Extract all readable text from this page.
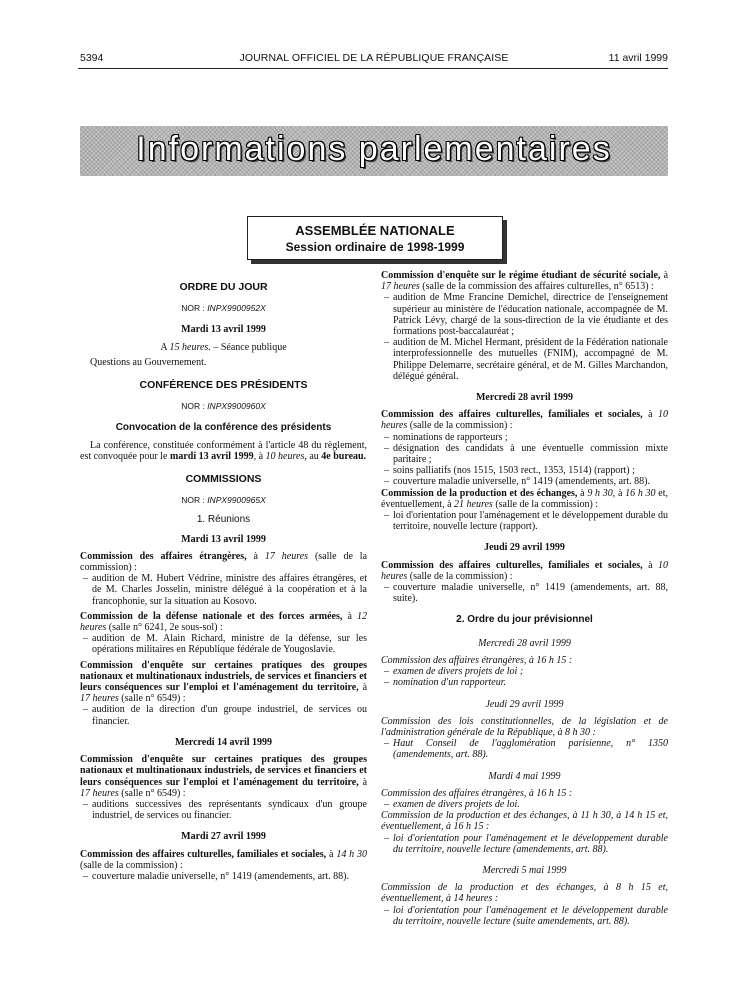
5394	JOURNAL OFFICIEL DE LA RÉPUBLIQUE FRANÇAISE	11 avril 1999
Informations parlementaires
ASSEMBLÉE NATIONALE
Session ordinaire de 1998-1999

ORDRE DU JOUR

NOR : INPX9900952X

Mardi 13 avril 1999

A 15 heures. – Séance publique

Questions au Gouvernement.

CONFÉRENCE DES PRÉSIDENTS

NOR : INPX9900960X

Convocation de la conférence des présidents

La conférence, constituée conformément à l'article 48 du règlement, est convoquée pour le mardi 13 avril 1999, à 10 heures, au 4e bureau.

COMMISSIONS

NOR : INPX9900965X

1. Réunions

Mardi 13 avril 1999

Commission des affaires étrangères, à 17 heures (salle de la commission) :

– audition de M. Hubert Védrine, ministre des affaires étrangères, et de M. Charles Josselin, ministre délégué à la coopération et à la francophonie, sur la situation au Kosovo.

Commission de la défense nationale et des forces armées, à 12 heures (salle n° 6241, 2e sous-sol) :

– audition de M. Alain Richard, ministre de la défense, sur les opérations militaires en République fédérale de Yougoslavie.

Commission d'enquête sur certaines pratiques des groupes nationaux et multinationaux industriels, de services et financiers et leurs conséquences sur l'emploi et l'aménagement du territoire, à 17 heures (salle n° 6549) :

– audition de la direction d'un groupe industriel, de services ou financier.

Mercredi 14 avril 1999

Commission d'enquête sur certaines pratiques des groupes nationaux et multinationaux industriels, de services et financiers et leurs conséquences sur l'emploi et l'aménagement du territoire, à 17 heures (salle n° 6549) :

– auditions successives des représentants syndicaux d'un groupe industriel, de services ou financier.

Mardi 27 avril 1999

Commission des affaires culturelles, familiales et sociales, à 14 h 30 (salle de la commission) :

– couverture maladie universelle, n° 1419 (amendements, art. 88).

Commission d'enquête sur le régime étudiant de sécurité sociale, à 17 heures (salle de la commission des affaires culturelles, n° 6513) :

– audition de Mme Francine Demichel, directrice de l'enseignement supérieur au ministère de l'éducation nationale, accompagnée de M. Patrick Lévy, chargé de la sous-direction de la vie étudiante et des formations post-baccalauréat ;
– audition de M. Michel Hermant, président de la Fédération nationale interprofessionnelle des mutuelles (FNIM), accompagné de M. Philippe Delemarre, secrétaire général, et de M. Gilles Marchandon, délégué général.

Mercredi 28 avril 1999

Commission des affaires culturelles, familiales et sociales, à 10 heures (salle de la commission) :

– nominations de rapporteurs ;
– désignation des candidats à une éventuelle commission mixte paritaire ;
– soins palliatifs (nos 1515, 1503 rect., 1353, 1514) (rapport) ;
– couverture maladie universelle, n° 1419 (amendements, art. 88).

Commission de la production et des échanges, à 9 h 30, à 16 h 30 et, éventuellement, à 21 heures (salle de la commission) :

– loi d'orientation pour l'aménagement et le développement durable du territoire, nouvelle lecture (rapport).

Jeudi 29 avril 1999

Commission des affaires culturelles, familiales et sociales, à 10 heures (salle de la commission) :

– couverture maladie universelle, n° 1419 (amendements, art. 88, suite).

2. Ordre du jour prévisionnel

Mercredi 28 avril 1999

Commission des affaires étrangères, à 16 h 15 :

– examen de divers projets de loi ;
– nomination d'un rapporteur.

Jeudi 29 avril 1999

Commission des lois constitutionnelles, de la législation et de l'administration générale de la République, à 8 h 30 :

– Haut Conseil de l'agglomération parisienne, n° 1350 (amendements, art. 88).

Mardi 4 mai 1999

Commission des affaires étrangères, à 16 h 15 :

– examen de divers projets de loi.

Commission de la production et des échanges, à 11 h 30, à 14 h 15 et, éventuellement, à 16 h 15 :

– loi d'orientation pour l'aménagement et le développement durable du territoire, nouvelle lecture (amendements, art. 88).

Mercredi 5 mai 1999

Commission de la production et des échanges, à 8 h 15 et, éventuellement, à 14 heures :

– loi d'orientation pour l'aménagement et le développement durable du territoire, nouvelle lecture (suite amendements, art. 88).
